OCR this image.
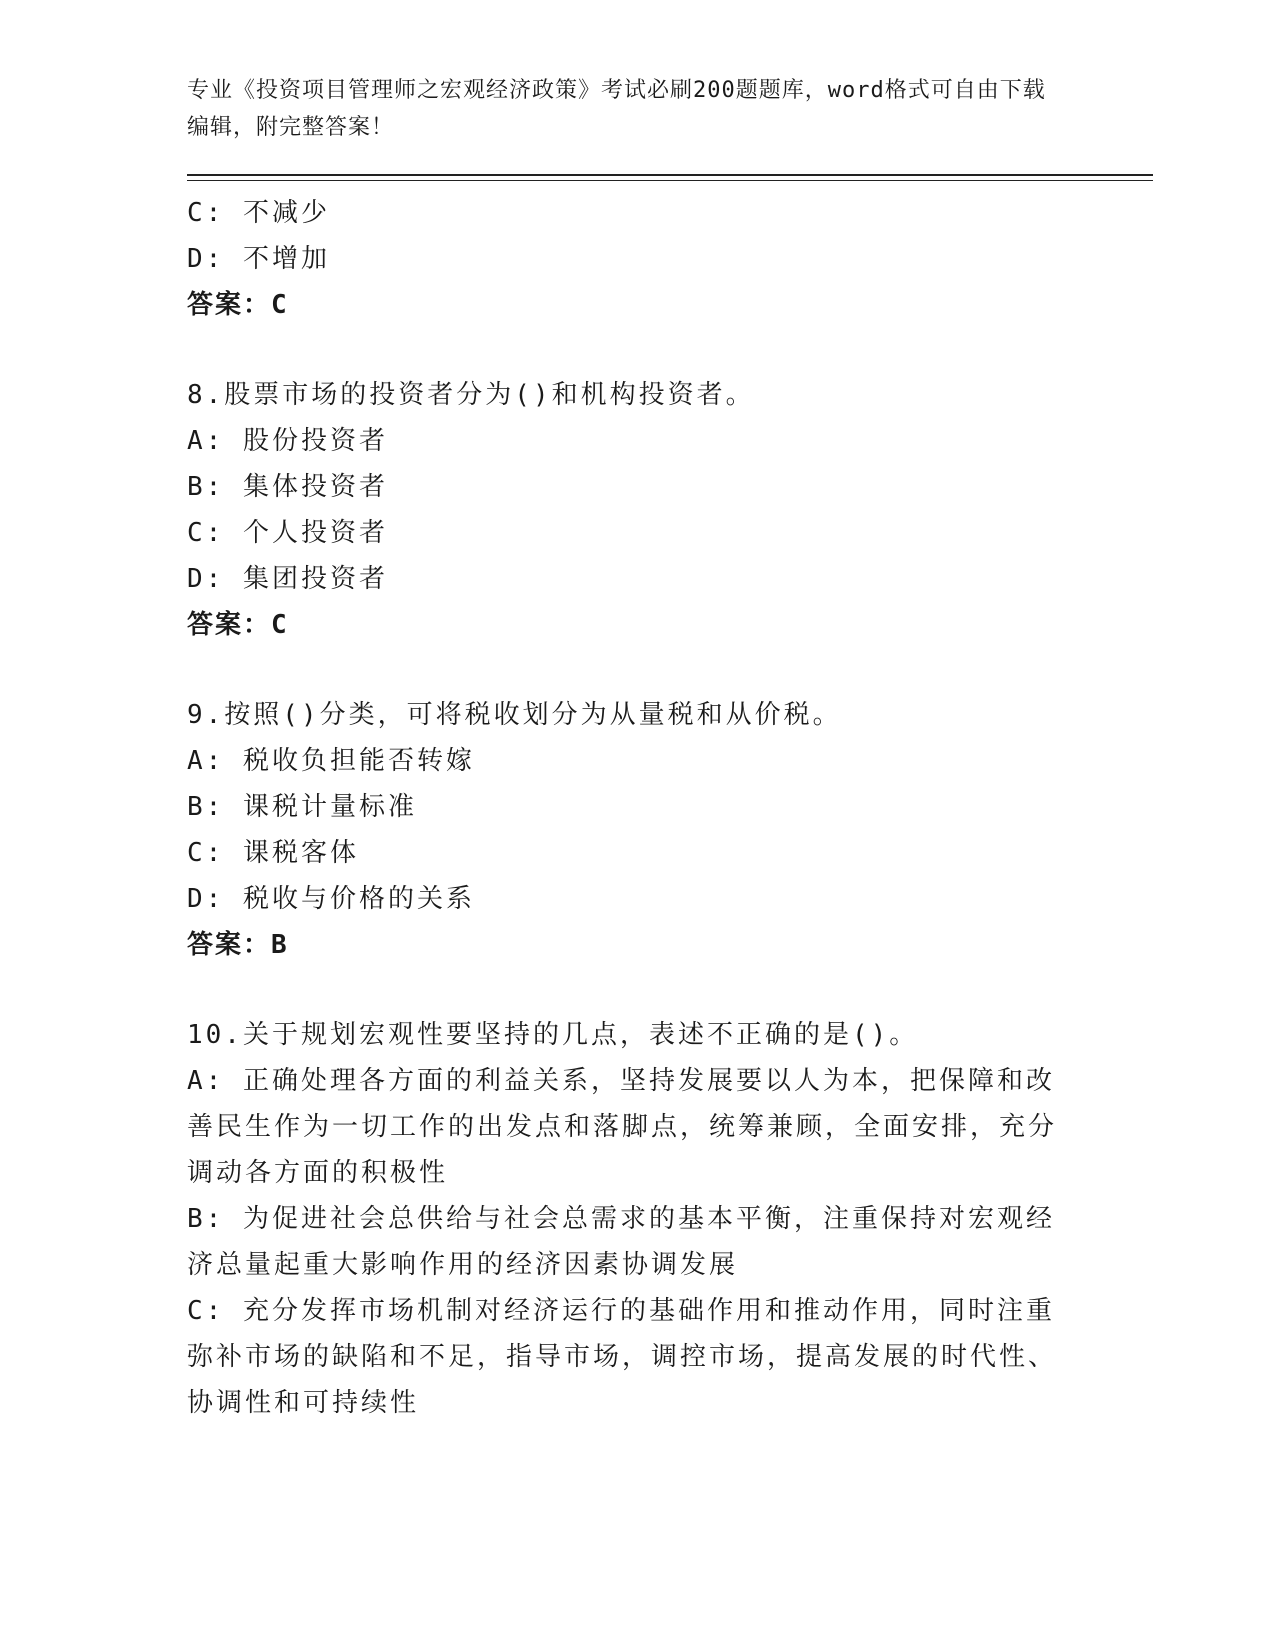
专业《投资项目管理师之宏观经济政策》考试必刷200题题库，word格式可自由下载编辑，附完整答案！
C: 不减少
D: 不增加
答案：C
8.股票市场的投资者分为()和机构投资者。
A: 股份投资者
B: 集体投资者
C: 个人投资者
D: 集团投资者
答案：C
9.按照()分类，可将税收划分为从量税和从价税。
A: 税收负担能否转嫁
B: 课税计量标准
C: 课税客体
D: 税收与价格的关系
答案：B
10.关于规划宏观性要坚持的几点，表述不正确的是()。
A: 正确处理各方面的利益关系，坚持发展要以人为本，把保障和改善民生作为一切工作的出发点和落脚点，统筹兼顾，全面安排，充分调动各方面的积极性
B: 为促进社会总供给与社会总需求的基本平衡，注重保持对宏观经济总量起重大影响作用的经济因素协调发展
C: 充分发挥市场机制对经济运行的基础作用和推动作用，同时注重弥补市场的缺陷和不足，指导市场，调控市场，提高发展的时代性、协调性和可持续性
